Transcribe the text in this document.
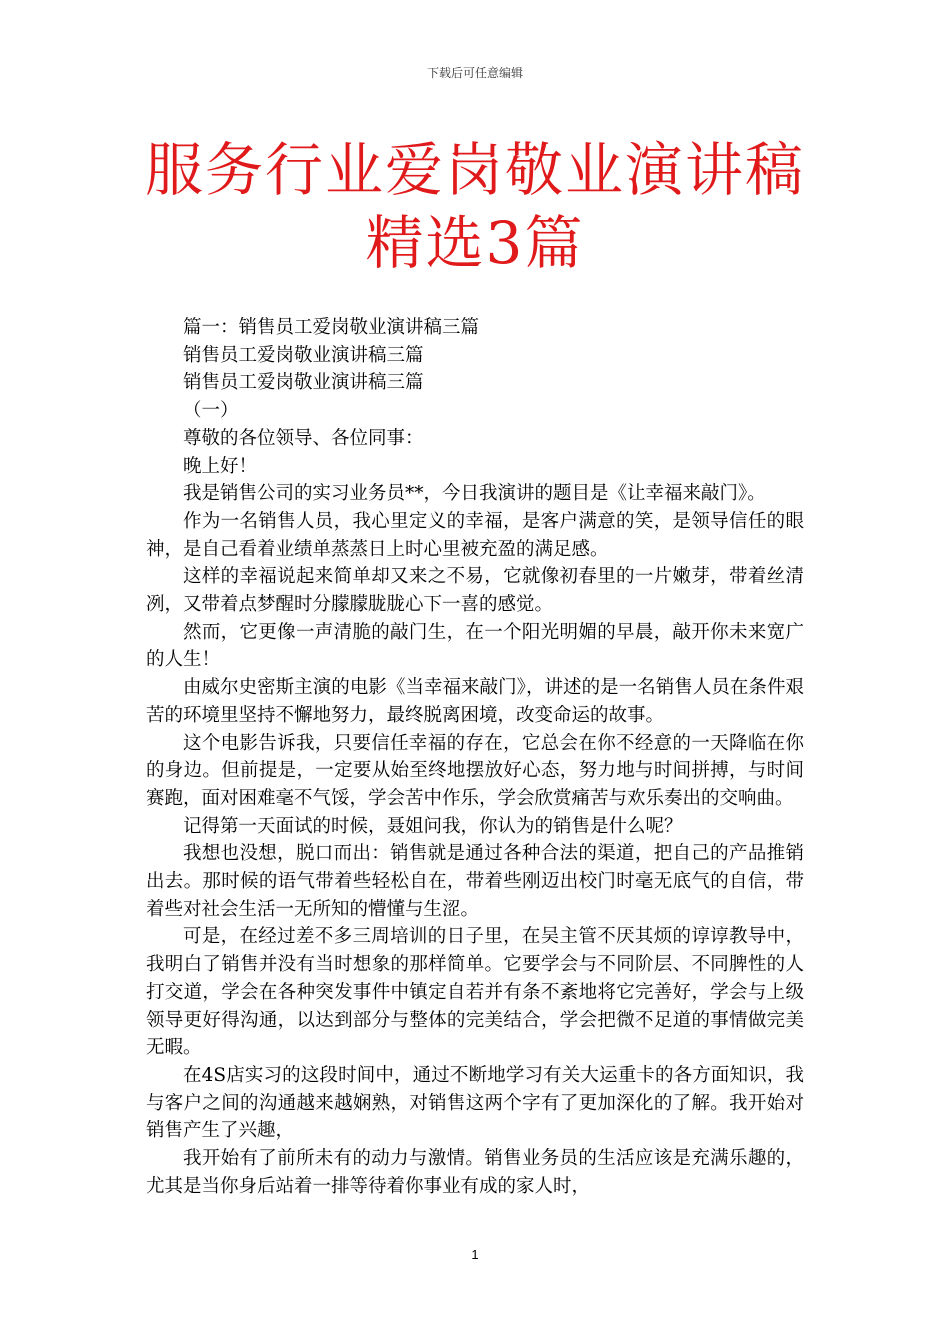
下载后可任意编辑
服务行业爱岗敬业演讲稿
精选3篇

篇一：销售员工爱岗敬业演讲稿三篇

销售员工爱岗敬业演讲稿三篇

销售员工爱岗敬业演讲稿三篇

（一）

尊敬的各位领导、各位同事：

晚上好！

我是销售公司的实习业务员**，今日我演讲的题目是《让幸福来敲门》。

作为一名销售人员，我心里定义的幸福，是客户满意的笑，是领导信任的眼神，是自己看着业绩单蒸蒸日上时心里被充盈的满足感。

这样的幸福说起来简单却又来之不易，它就像初春里的一片嫩芽，带着丝清冽，又带着点梦醒时分朦朦胧胧心下一喜的感觉。

然而，它更像一声清脆的敲门生，在一个阳光明媚的早晨，敲开你未来宽广的人生！

由威尔史密斯主演的电影《当幸福来敲门》，讲述的是一名销售人员在条件艰苦的环境里坚持不懈地努力，最终脱离困境，改变命运的故事。

这个电影告诉我，只要信任幸福的存在，它总会在你不经意的一天降临在你的身边。但前提是，一定要从始至终地摆放好心态，努力地与时间拼搏，与时间赛跑，面对困难毫不气馁，学会苦中作乐，学会欣赏痛苦与欢乐奏出的交响曲。

记得第一天面试的时候，聂姐问我，你认为的销售是什么呢？

我想也没想，脱口而出：销售就是通过各种合法的渠道，把自己的产品推销出去。那时候的语气带着些轻松自在，带着些刚迈出校门时毫无底气的自信，带着些对社会生活一无所知的懵懂与生涩。

可是，在经过差不多三周培训的日子里，在吴主管不厌其烦的谆谆教导中，我明白了销售并没有当时想象的那样简单。它要学会与不同阶层、不同脾性的人打交道，学会在各种突发事件中镇定自若并有条不紊地将它完善好，学会与上级领导更好得沟通，以达到部分与整体的完美结合，学会把微不足道的事情做完美无暇。

在4S店实习的这段时间中，通过不断地学习有关大运重卡的各方面知识，我与客户之间的沟通越来越娴熟，对销售这两个字有了更加深化的了解。我开始对销售产生了兴趣，

我开始有了前所未有的动力与激情。销售业务员的生活应该是充满乐趣的，尤其是当你身后站着一排等待着你事业有成的家人时，

1
